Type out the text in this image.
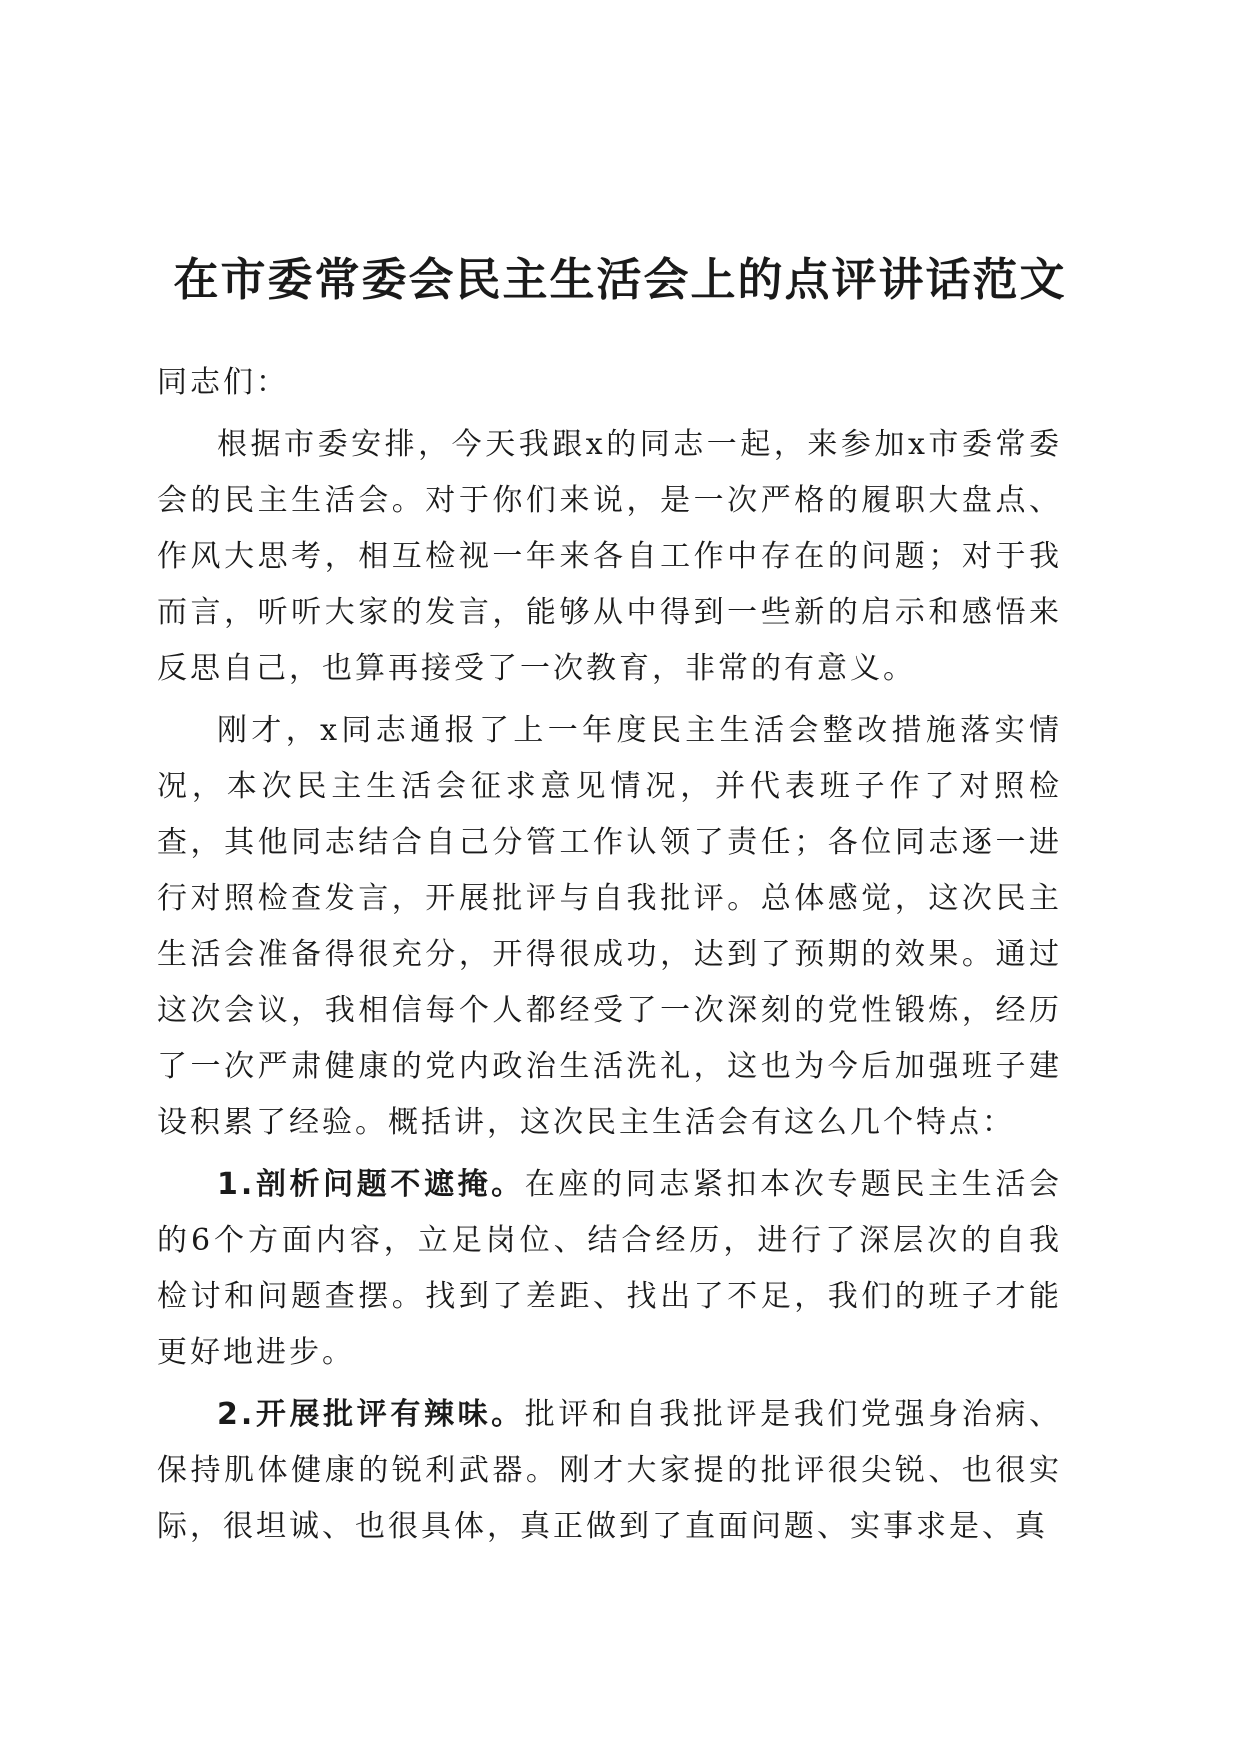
在市委常委会民主生活会上的点评讲话范文

同志们：

根据市委安排，今天我跟x的同志一起，来参加x市委常委会的民主生活会。对于你们来说，是一次严格的履职大盘点、作风大思考，相互检视一年来各自工作中存在的问题；对于我而言，听听大家的发言，能够从中得到一些新的启示和感悟来反思自己，也算再接受了一次教育，非常的有意义。

刚才，x同志通报了上一年度民主生活会整改措施落实情况，本次民主生活会征求意见情况，并代表班子作了对照检查，其他同志结合自己分管工作认领了责任；各位同志逐一进行对照检查发言，开展批评与自我批评。总体感觉，这次民主生活会准备得很充分，开得很成功，达到了预期的效果。通过这次会议，我相信每个人都经受了一次深刻的党性锻炼，经历了一次严肃健康的党内政治生活洗礼，这也为今后加强班子建设积累了经验。概括讲，这次民主生活会有这么几个特点：

1.剖析问题不遮掩。在座的同志紧扣本次专题民主生活会的6个方面内容，立足岗位、结合经历，进行了深层次的自我检讨和问题查摆。找到了差距、找出了不足，我们的班子才能更好地进步。

2.开展批评有辣味。批评和自我批评是我们党强身治病、保持肌体健康的锐利武器。刚才大家提的批评很尖锐、也很实际，很坦诚、也很具体，真正做到了直面问题、实事求是、真
